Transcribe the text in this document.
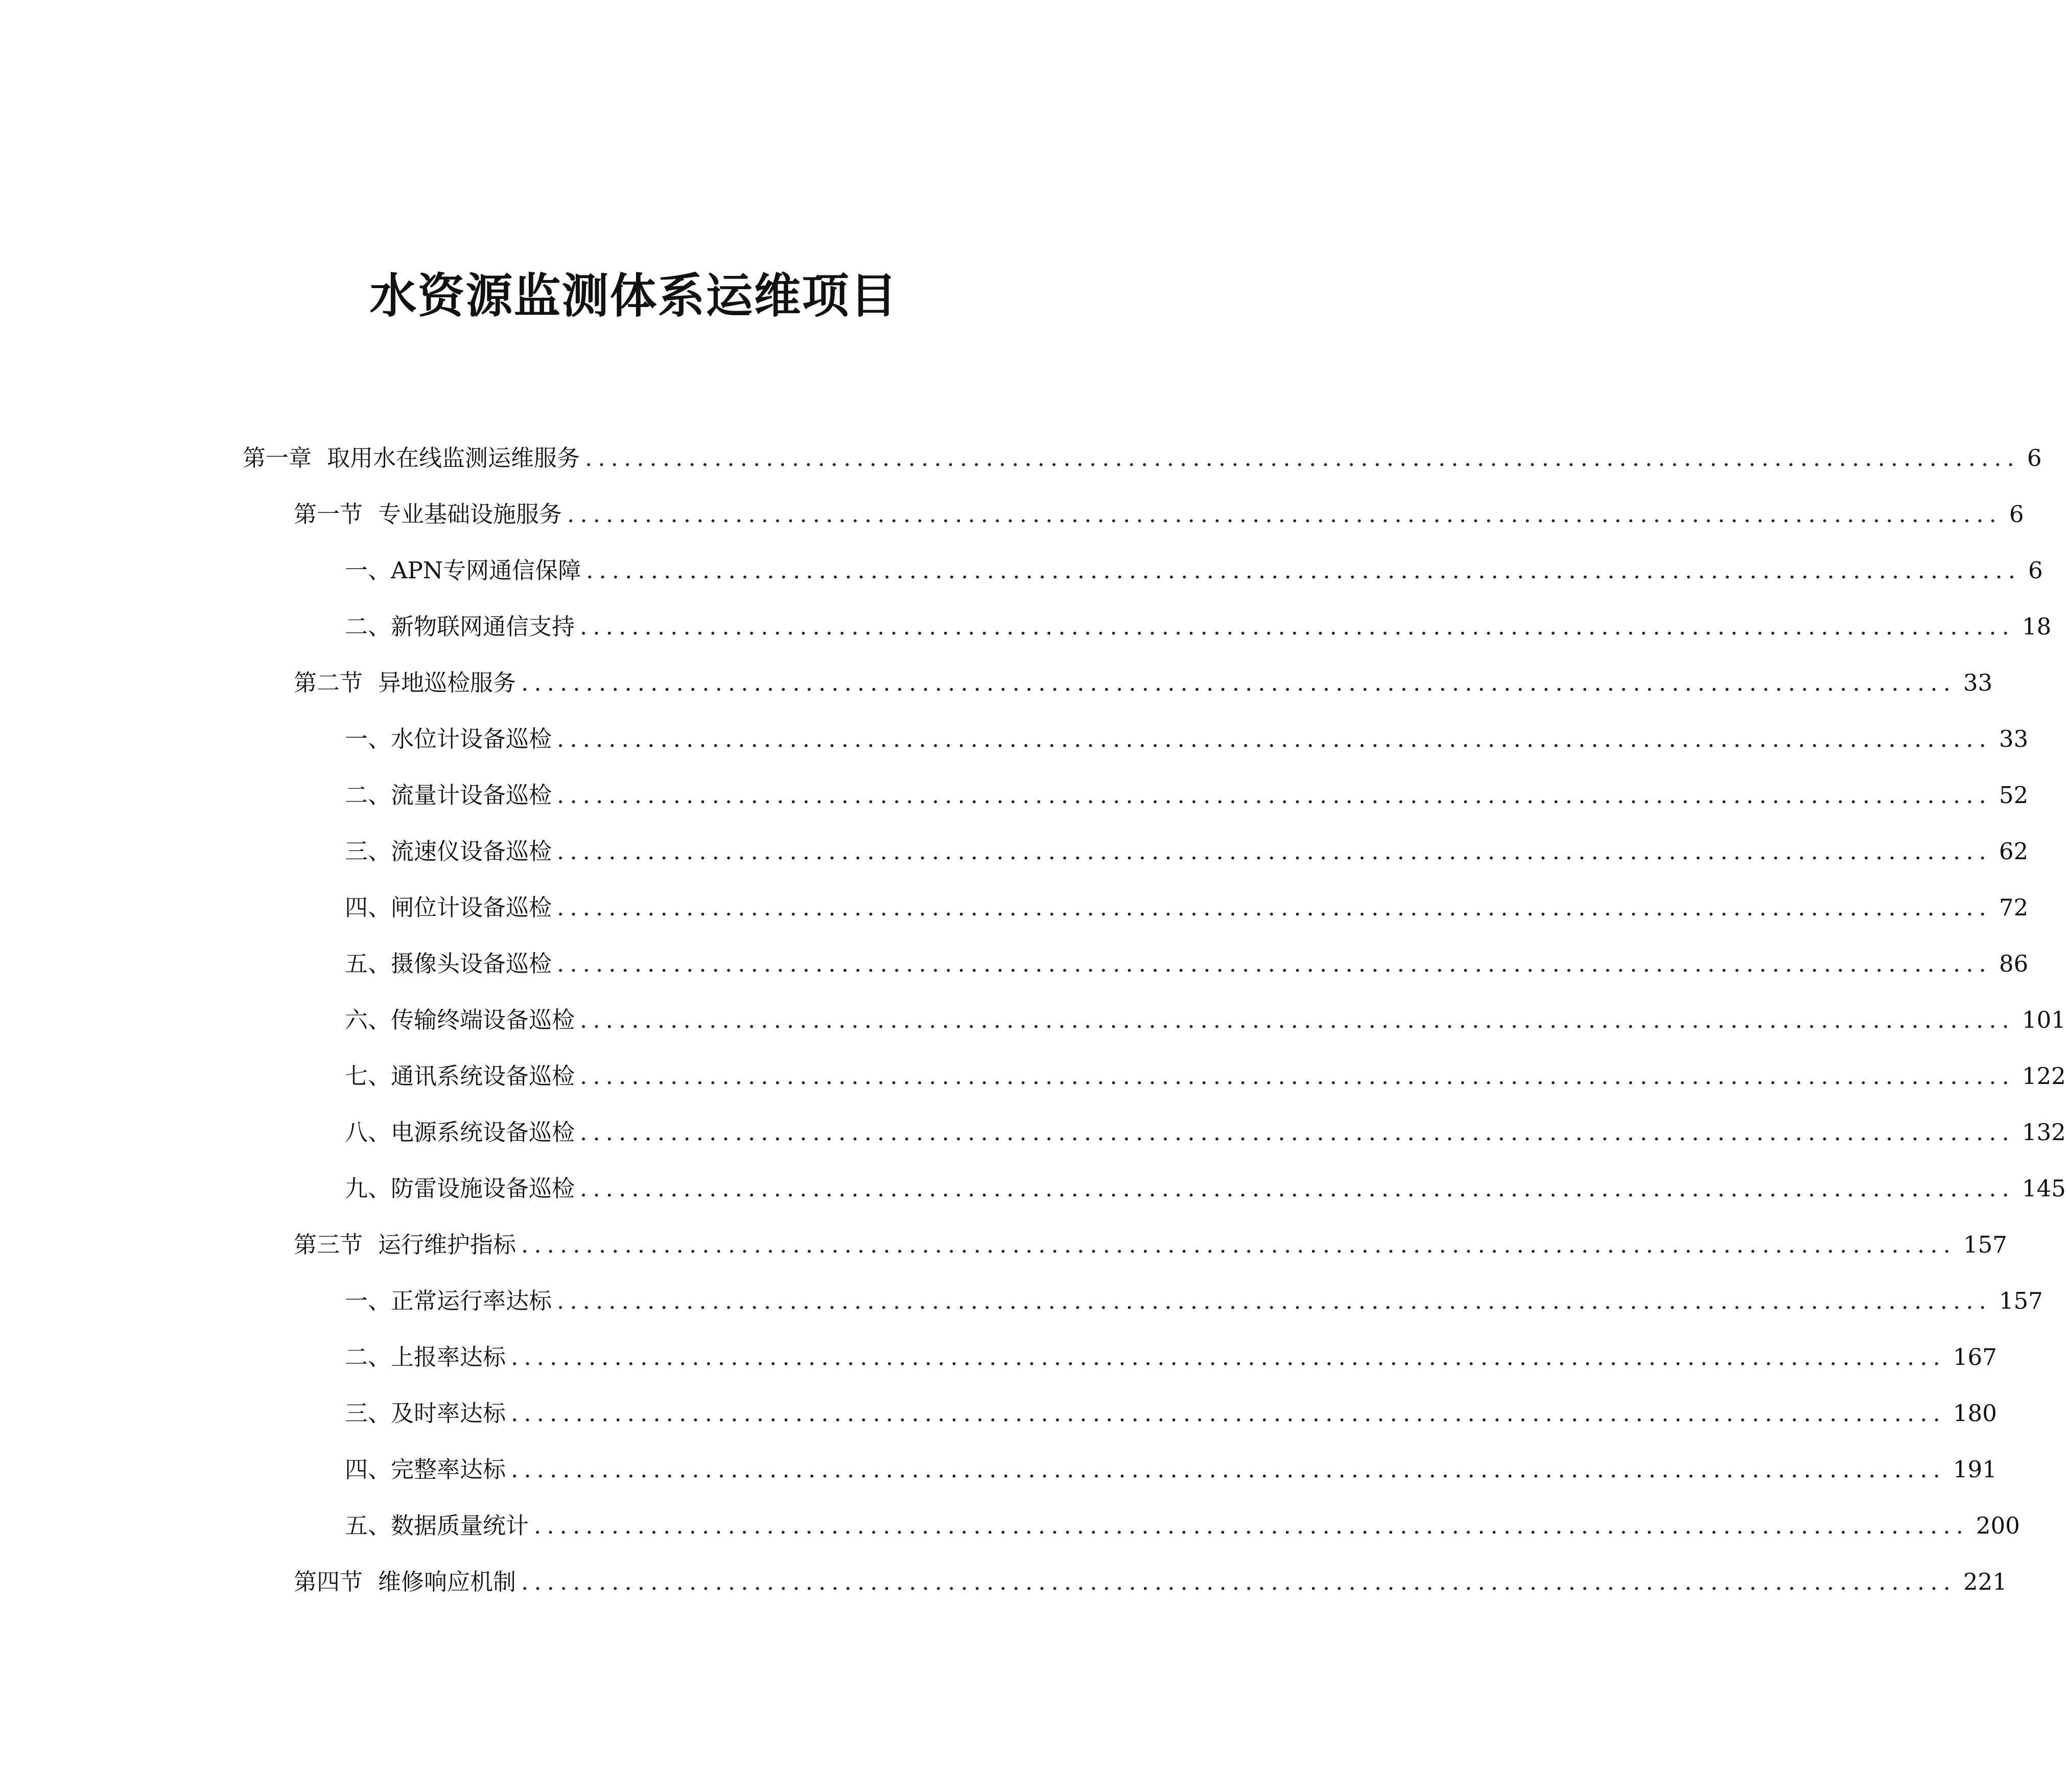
水资源监测体系运维项目
第一章 取用水在线监测运维服务 ............................................................................................................... 6
第一节 专业基础设施服务 ............................................................................................................... 6
一、 APN专网通信保障 ............................................................................................................... 6
二、 新物联网通信支持 ............................................................................................................... 18
第二节 异地巡检服务 ............................................................................................................... 33
一、 水位计设备巡检 ............................................................................................................... 33
二、 流量计设备巡检 ............................................................................................................... 52
三、 流速仪设备巡检 ............................................................................................................... 62
四、 闸位计设备巡检 ............................................................................................................... 72
五、 摄像头设备巡检 ............................................................................................................... 86
六、 传输终端设备巡检 ............................................................................................................... 101
七、 通讯系统设备巡检 ............................................................................................................... 122
八、 电源系统设备巡检 ............................................................................................................... 132
九、 防雷设施设备巡检 ............................................................................................................... 145
第三节 运行维护指标 ............................................................................................................... 157
一、 正常运行率达标 ............................................................................................................... 157
二、 上报率达标 ............................................................................................................... 167
三、 及时率达标 ............................................................................................................... 180
四、 完整率达标 ............................................................................................................... 191
五、 数据质量统计 ............................................................................................................... 200
第四节 维修响应机制 ............................................................................................................... 221
